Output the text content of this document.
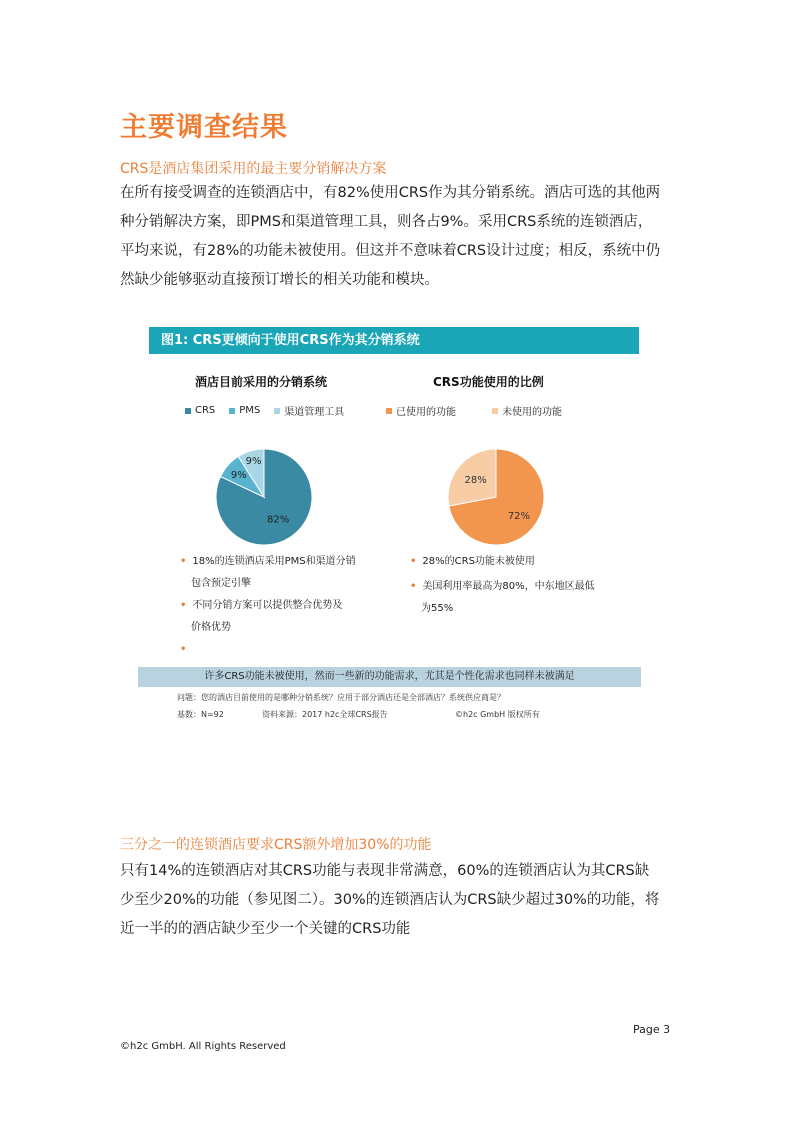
主要调查结果
CRS是酒店集团采用的最主要分销解决方案
在所有接受调查的连锁酒店中，有82%使用CRS作为其分销系统。酒店可选的其他两
种分销解决方案，即PMS和渠道管理工具，则各占9%。采用CRS系统的连锁酒店，
平均来说，有28%的功能未被使用。但这并不意味着CRS设计过度；相反，系统中仍
然缺少能够驱动直接预订增长的相关功能和模块。
图1: CRS更倾向于使用CRS作为其分销系统
酒店目前采用的分销系统	CRS功能使用的比例
CRS PMS 渠道管理工具	已使用的功能	未使用的功能
82%
9%
9%
72%
28%
• 18%的连锁酒店采用PMS和渠道分销
包含预定引擎
• 不同分销方案可以提供整合优势及
价格优势
•
• 28%的CRS功能未被使用
• 美国利用率最高为80%，中东地区最低
为55%
许多CRS功能未被使用，然而一些新的功能需求，尤其是个性化需求也同样未被满足
问题：您的酒店目前使用的是哪种分销系统？应用于部分酒店还是全部酒店？系统供应商是？
基数：N=92	资料来源：2017 h2c全球CRS报告	©h2c GmbH 版权所有
三分之一的连锁酒店要求CRS额外增加30%的功能
只有14%的连锁酒店对其CRS功能与表现非常满意，60%的连锁酒店认为其CRS缺
少至少20%的功能（参见图二）。30%的连锁酒店认为CRS缺少超过30%的功能，将
近一半的的酒店缺少至少一个关键的CRS功能
Page 3
©h2c GmbH. All Rights Reserved
